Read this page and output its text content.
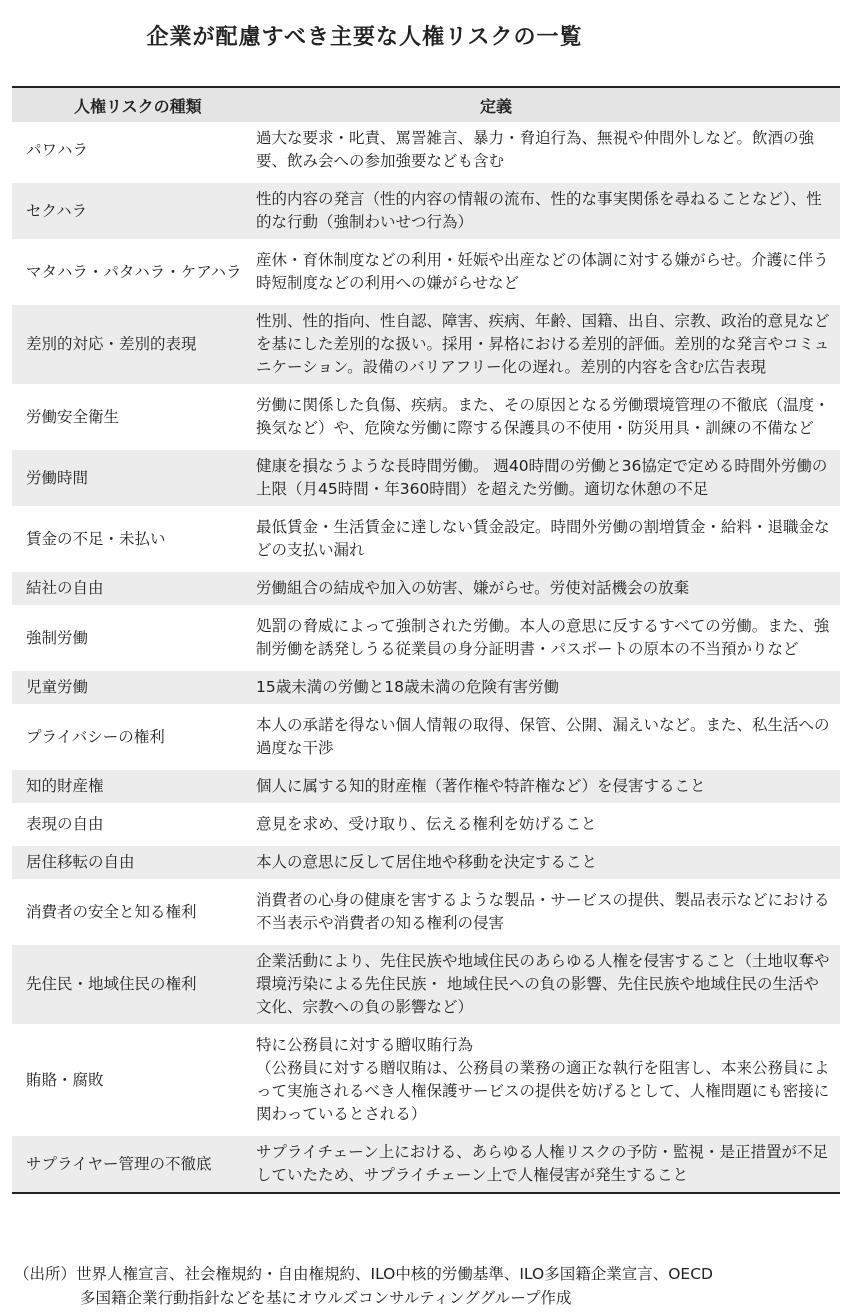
企業が配慮すべき主要な人権リスクの一覧
人権リスクの種類	定義
パワハラ	過大な要求・叱責、罵詈雑言、暴力・脅迫行為、無視や仲間外しなど。飲酒の強要、飲み会への参加強要なども含む
セクハラ	性的内容の発言（性的内容の情報の流布、性的な事実関係を尋ねることなど）、性的な行動（強制わいせつ行為）
マタハラ・パタハラ・ケアハラ	産休・育休制度などの利用・妊娠や出産などの体調に対する嫌がらせ。介護に伴う時短制度などの利用への嫌がらせなど
差別的対応・差別的表現	性別、性的指向、性自認、障害、疾病、年齢、国籍、出自、宗教、政治的意見などを基にした差別的な扱い。採用・昇格における差別的評価。差別的な発言やコミュニケーション。設備のバリアフリー化の遅れ。差別的内容を含む広告表現
労働安全衛生	労働に関係した負傷、疾病。また、その原因となる労働環境管理の不徹底（温度・換気など）や、危険な労働に際する保護具の不使用・防災用具・訓練の不備など
労働時間	健康を損なうような長時間労働。 週40時間の労働と36協定で定める時間外労働の上限（月45時間・年360時間）を超えた労働。適切な休憩の不足
賃金の不足・未払い	最低賃金・生活賃金に達しない賃金設定。時間外労働の割増賃金・給料・退職金などの支払い漏れ
結社の自由	労働組合の結成や加入の妨害、嫌がらせ。労使対話機会の放棄
強制労働	処罰の脅威によって強制された労働。本人の意思に反するすべての労働。また、強制労働を誘発しうる従業員の身分証明書・パスポートの原本の不当預かりなど
児童労働	15歳未満の労働と18歳未満の危険有害労働
プライバシーの権利	本人の承諾を得ない個人情報の取得、保管、公開、漏えいなど。また、私生活への過度な干渉
知的財産権	個人に属する知的財産権（著作権や特許権など）を侵害すること
表現の自由	意見を求め、受け取り、伝える権利を妨げること
居住移転の自由	本人の意思に反して居住地や移動を決定すること
消費者の安全と知る権利	消費者の心身の健康を害するような製品・サービスの提供、製品表示などにおける不当表示や消費者の知る権利の侵害
先住民・地域住民の権利	企業活動により、先住民族や地域住民のあらゆる人権を侵害すること（土地収奪や環境汚染による先住民族・ 地域住民への負の影響、先住民族や地域住民の生活や文化、宗教への負の影響など）
賄賂・腐敗	特に公務員に対する贈収賄行為
（公務員に対する贈収賄は、公務員の業務の適正な執行を阻害し、本来公務員によって実施されるべき人権保護サービスの提供を妨げるとして、人権問題にも密接に関わっているとされる）
サプライヤー管理の不徹底	サプライチェーン上における、あらゆる人権リスクの予防・監視・是正措置が不足していたため、サプライチェーン上で人権侵害が発生すること
（出所）世界人権宣言、社会権規約・自由権規約、ILO中核的労働基準、ILO多国籍企業宣言、OECD
多国籍企業行動指針などを基にオウルズコンサルティンググループ作成
